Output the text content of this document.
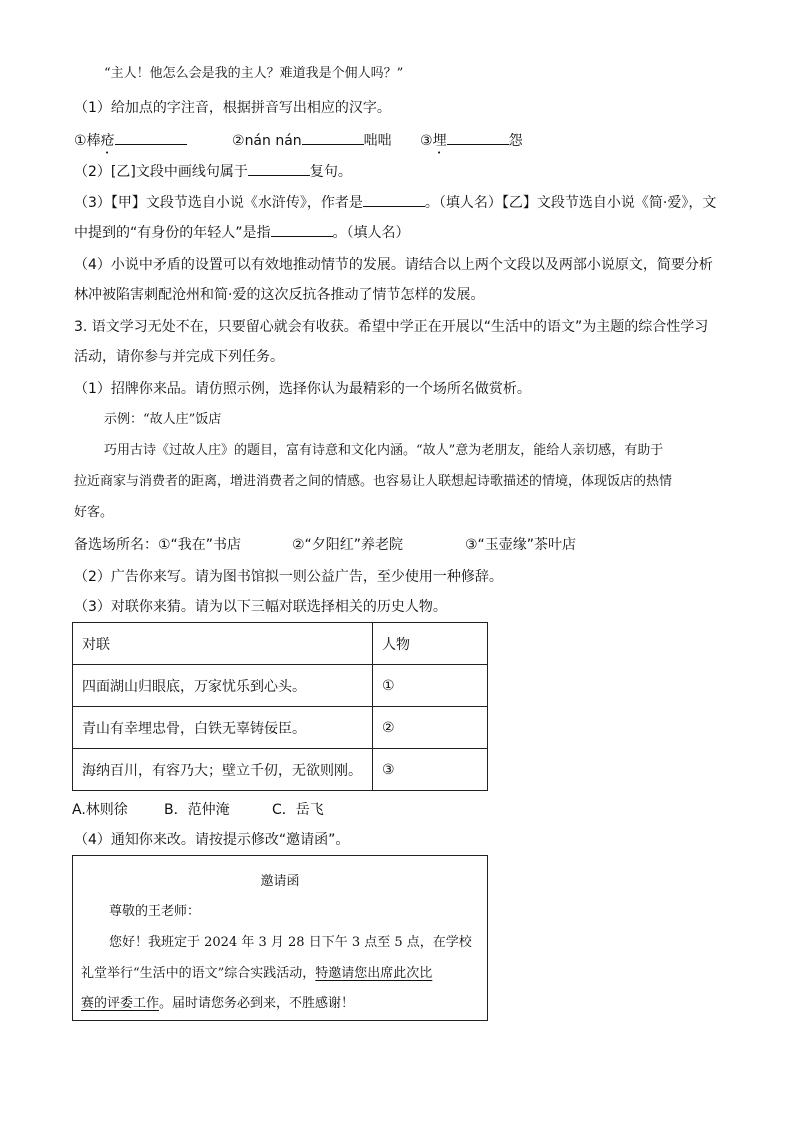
“主人！他怎么会是我的主人？难道我是个佣人吗？”
（1）给加点的字注音，根据拼音写出相应的汉字。
①棒疮	②nán nán	咄咄 ③埋	怨
（2）[乙]文段中画线句属于	复句。
（3）【甲】文段节选自小说《水浒传》，作者是	。（填人名）【乙】文段节选自小说《简·爱》，文
中提到的“有身份的年轻人”是指	。（填人名）
（4）小说中矛盾的设置可以有效地推动情节的发展。请结合以上两个文段以及两部小说原文，简要分析
林冲被陷害刺配沧州和简·爱的这次反抗各推动了情节怎样的发展。
3. 语文学习无处不在，只要留心就会有收获。希望中学正在开展以“生活中的语文”为主题的综合性学习
活动，请你参与并完成下列任务。
（1）招牌你来品。请仿照示例，选择你认为最精彩的一个场所名做赏析。
示例：“故人庄”饭店
巧用古诗《过故人庄》的题目，富有诗意和文化内涵。“故人”意为老朋友，能给人亲切感，有助于
拉近商家与消费者的距离，增进消费者之间的情感。也容易让人联想起诗歌描述的情境，体现饭店的热情
好客。
备选场所名： ①“我在”书店	②“夕阳红”养老院	③“玉壶缘”茶叶店
（2）广告你来写。请为图书馆拟一则公益广告，至少使用一种修辞。
（3）对联你来猜。请为以下三幅对联选择相关的历史人物。
对联	人物
四面湖山归眼底，万家忧乐到心头。	①
青山有幸埋忠骨，白铁无辜铸佞臣。	②
海纳百川，有容乃大；壁立千仞，无欲则刚。	③
A.林则徐	B．范仲淹	C．岳飞
（4）通知你来改。请按提示修改“邀请函”。
邀请函
尊敬的王老师：
您好！我班定于 2024 年 3 月 28 日下午 3 点至 5 点，在学校
礼堂举行“生活中的语文”综合实践活动，特邀请您出席此次比
赛的评委工作。届时请您务必到来，不胜感谢！
